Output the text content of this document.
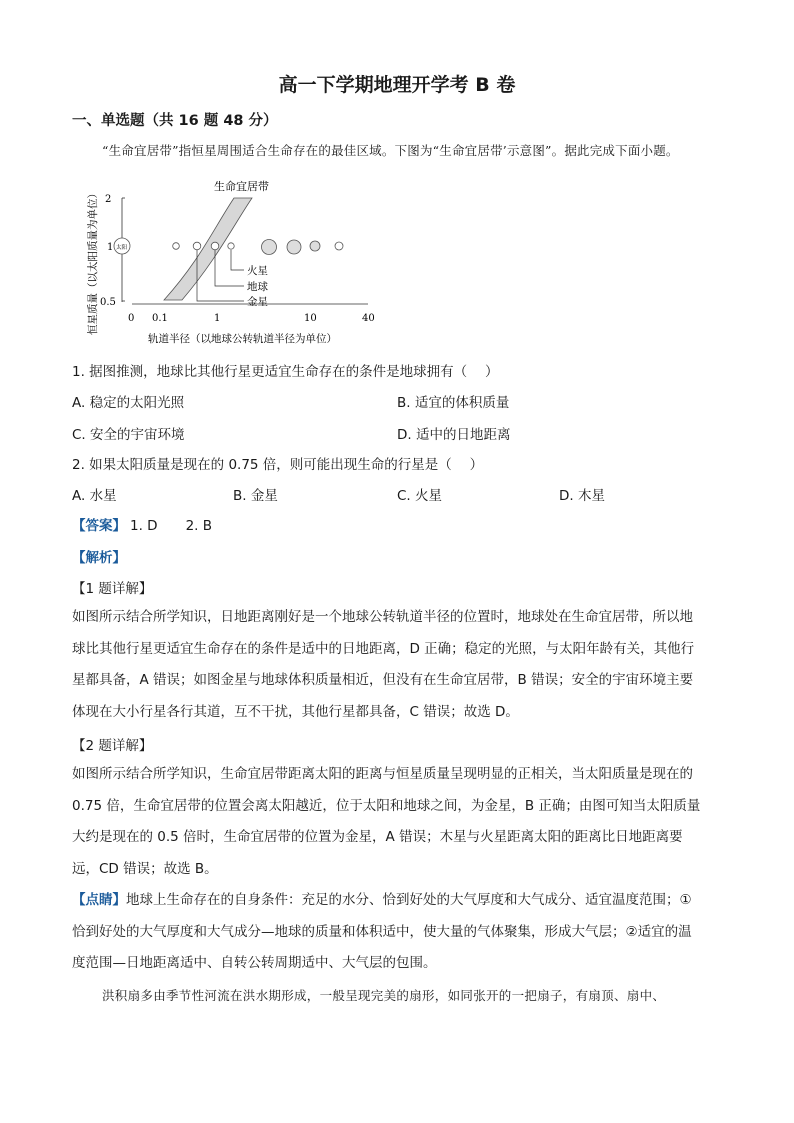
高一下学期地理开学考 B 卷
一、单选题（共 16 题 48 分）
“生命宜居带”指恒星周围适合生命存在的最佳区域。下图为“生命宜居带’示意图”。据此完成下面小题。
恒星质量（以太阳质量为单位） 2
1
0.5
0 0.1	1	10	40
轨道半径（以地球公转轨道半径为单位）
生命宜居带
太阳
火星
地球
金星
1. 据图推测，地球比其他行星更适宜生命存在的条件是地球拥有（　 ）
A. 稳定的太阳光照	B. 适宜的体积质量
C. 安全的宇宙环境	D. 适中的日地距离
2. 如果太阳质量是现在的 0.75 倍，则可能出现生命的行星是（　 ）
A. 水星	B. 金星	C. 火星	D. 木星
【答案】 1. D 2. B
【解析】
【1 题详解】

如图所示结合所学知识，日地距离刚好是一个地球公转轨道半径的位置时，地球处在生命宜居带，所以地

球比其他行星更适宜生命存在的条件是适中的日地距离，D 正确；稳定的光照，与太阳年龄有关，其他行

星都具备，A 错误；如图金星与地球体积质量相近，但没有在生命宜居带，B 错误；安全的宇宙环境主要

体现在大小行星各行其道，互不干扰，其他行星都具备，C 错误；故选 D。

【2 题详解】

如图所示结合所学知识，生命宜居带距离太阳的距离与恒星质量呈现明显的正相关，当太阳质量是现在的

0.75 倍，生命宜居带的位置会离太阳越近，位于太阳和地球之间，为金星，B 正确；由图可知当太阳质量

大约是现在的 0.5 倍时，生命宜居带的位置为金星，A 错误；木星与火星距离太阳的距离比日地距离要

远，CD 错误；故选 B。

【点睛】地球上生命存在的自身条件：充足的水分、恰到好处的大气厚度和大气成分、适宜温度范围；①

恰到好处的大气厚度和大气成分—地球的质量和体积适中，使大量的气体聚集，形成大气层；②适宜的温

度范围—日地距离适中、自转公转周期适中、大气层的包围。

洪积扇多由季节性河流在洪水期形成，一般呈现完美的扇形，如同张开的一把扇子，有扇顶、扇中、
